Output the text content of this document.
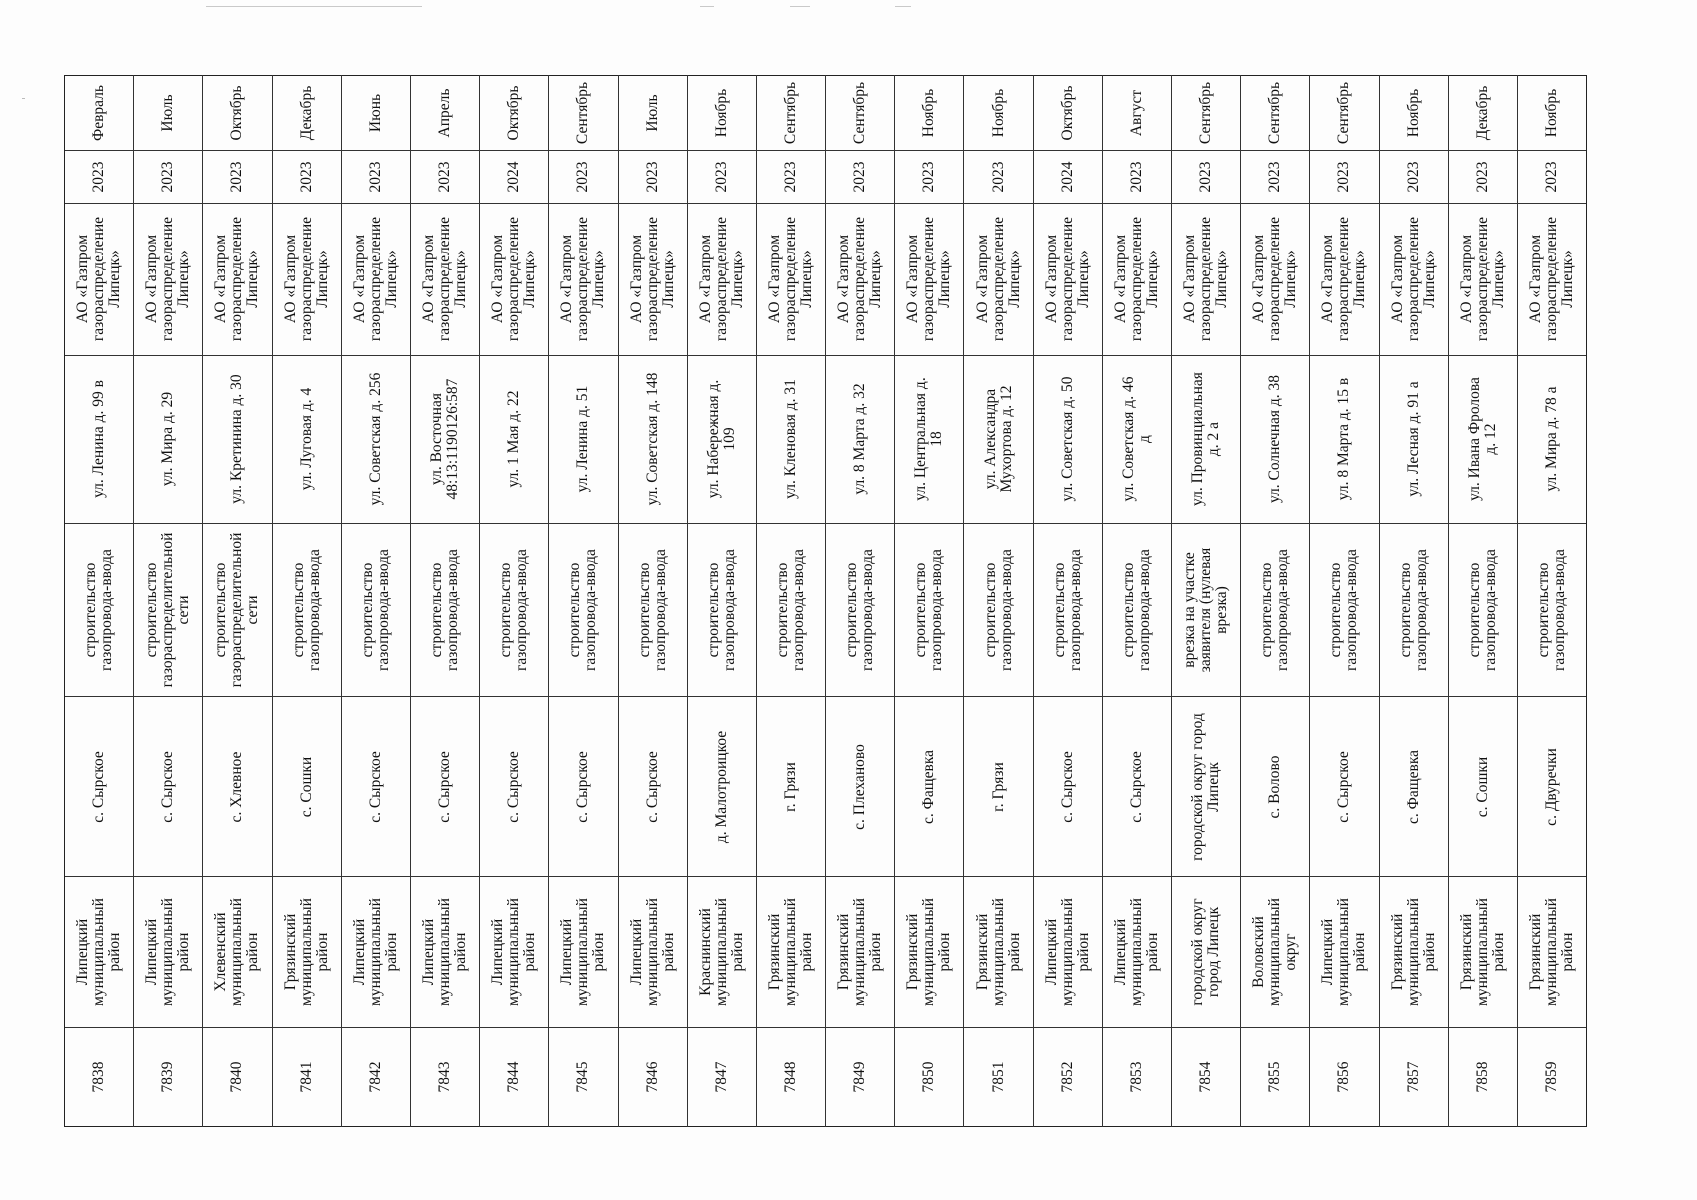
Февраль
2023
АО «Газпром
газораспределение
Липецк»
ул. Ленина д. 99 в
строительство
газопровода-ввода
с. Сырское
Липецкий
муниципальный
район
7838
Июль
2023
АО «Газпром
газораспределение
Липецк»
ул. Мира д. 29
строительство
газораспределительной
сети
с. Сырское
Липецкий
муниципальный
район
7839
Октябрь
2023
АО «Газпром
газораспределение
Липецк»
ул. Кретинина д. 30
строительство
газораспределительной
сети
с. Хлевное
Хлевенский
муниципальный
район
7840
Декабрь
2023
АО «Газпром
газораспределение
Липецк»
ул. Луговая д. 4
строительство
газопровода-ввода
с. Сошки
Грязинский
муниципальный
район
7841
Июнь
2023
АО «Газпром
газораспределение
Липецк»
ул. Советская д. 256
строительство
газопровода-ввода
с. Сырское
Липецкий
муниципальный
район
7842
Апрель
2023
АО «Газпром
газораспределение
Липецк»
ул. Восточная
48:13:1190126:587
строительство
газопровода-ввода
с. Сырское
Липецкий
муниципальный
район
7843
Октябрь
2024
АО «Газпром
газораспределение
Липецк»
ул. 1 Мая д. 22
строительство
газопровода-ввода
с. Сырское
Липецкий
муниципальный
район
7844
Сентябрь
2023
АО «Газпром
газораспределение
Липецк»
ул. Ленина д. 51
строительство
газопровода-ввода
с. Сырское
Липецкий
муниципальный
район
7845
Июль
2023
АО «Газпром
газораспределение
Липецк»
ул. Советская д. 148
строительство
газопровода-ввода
с. Сырское
Липецкий
муниципальный
район
7846
Ноябрь
2023
АО «Газпром
газораспределение
Липецк»
ул. Набережная д.
109
строительство
газопровода-ввода
д. Малотроицкое
Краснинский
муниципальный
район
7847
Сентябрь
2023
АО «Газпром
газораспределение
Липецк»
ул. Кленовая д. 31
строительство
газопровода-ввода
г. Грязи
Грязинский
муниципальный
район
7848
Сентябрь
2023
АО «Газпром
газораспределение
Липецк»
ул. 8 Марта д. 32
строительство
газопровода-ввода
с. Плеханово
Грязинский
муниципальный
район
7849
Ноябрь
2023
АО «Газпром
газораспределение
Липецк»
ул. Центральная д.
18
строительство
газопровода-ввода
с. Фащевка
Грязинский
муниципальный
район
7850
Ноябрь
2023
АО «Газпром
газораспределение
Липецк»
ул. Александра
Мухортова д. 12
строительство
газопровода-ввода
г. Грязи
Грязинский
муниципальный
район
7851
Октябрь
2024
АО «Газпром
газораспределение
Липецк»
ул. Советская д. 50
строительство
газопровода-ввода
с. Сырское
Липецкий
муниципальный
район
7852
Август
2023
АО «Газпром
газораспределение
Липецк»
ул. Советская д. 46
д
строительство
газопровода-ввода
с. Сырское
Липецкий
муниципальный
район
7853
Сентябрь
2023
АО «Газпром
газораспределение
Липецк»
ул. Провинциальная
д. 2 а
врезка на участке
заявителя (нулевая
врезка)
городской округ город
Липецк
городской округ
город Липецк
7854
Сентябрь
2023
АО «Газпром
газораспределение
Липецк»
ул. Солнечная д. 38
строительство
газопровода-ввода
с. Волово
Воловский
муниципальный
округ
7855
Сентябрь
2023
АО «Газпром
газораспределение
Липецк»
ул. 8 Марта д. 15 в
строительство
газопровода-ввода
с. Сырское
Липецкий
муниципальный
район
7856
Ноябрь
2023
АО «Газпром
газораспределение
Липецк»
ул. Лесная д. 91 а
строительство
газопровода-ввода
с. Фащевка
Грязинский
муниципальный
район
7857
Декабрь
2023
АО «Газпром
газораспределение
Липецк»
ул. Ивана Фролова
д. 12
строительство
газопровода-ввода
с. Сошки
Грязинский
муниципальный
район
7858
Ноябрь
2023
АО «Газпром
газораспределение
Липецк»
ул. Мира д. 78 а
строительство
газопровода-ввода
с. Двуречки
Грязинский
муниципальный
район
7859
